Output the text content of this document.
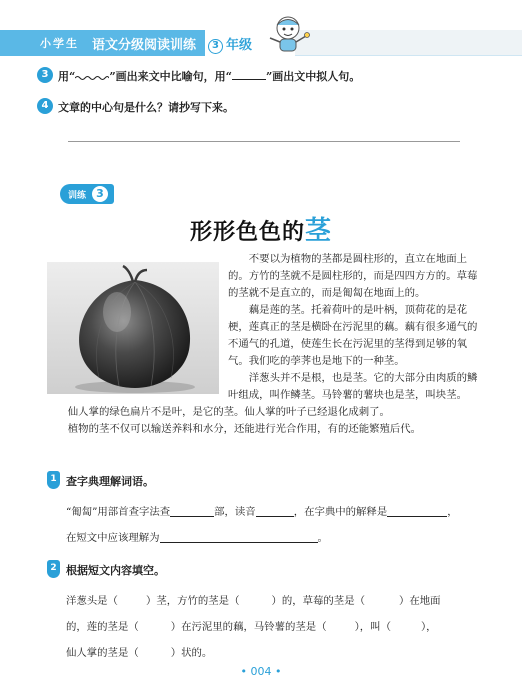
小学生 语文分级阅读训练	3 年级
3 用“	”画出来文中比喻句，用“	”画出文中拟人句。
4 文章的中心句是什么？请抄写下来。
训练 3
形形色色的茎
不要以为植物的茎都是圆柱形的，直立在地面上的。方竹的茎就不是圆柱形的，而是四四方方的。草莓的茎就不是直立的，而是匍匐在地面上的。
藕是莲的茎。托着荷叶的是叶柄，顶荷花的是花梗，莲真正的茎是横卧在污泥里的藕。藕有很多通气的不通气的孔道，使莲生长在污泥里的茎得到足够的氧气。我们吃的荸荠也是地下的一种茎。
洋葱头并不是根，也是茎。它的大部分由肉质的鳞叶组成，叫作鳞茎。马铃薯的薯块也是茎，叫块茎。
仙人掌的绿色扁片不是叶，是它的茎。仙人掌的叶子已经退化成刺了。
植物的茎不仅可以输送养料和水分，还能进行光合作用，有的还能繁殖后代。
1 查字典理解词语。
“匍匐”用部首查字法查	部，读音	，在字典中的解释是	，
在短文中应该理解为	。
2 根据短文内容填空。
洋葱头是（	）茎，方竹的茎是（	）的，草莓的茎是（	）在地面
的，莲的茎是（	）在污泥里的藕，马铃薯的茎是（	），叫（	），
仙人掌的茎是（	）状的。
• 004 •
